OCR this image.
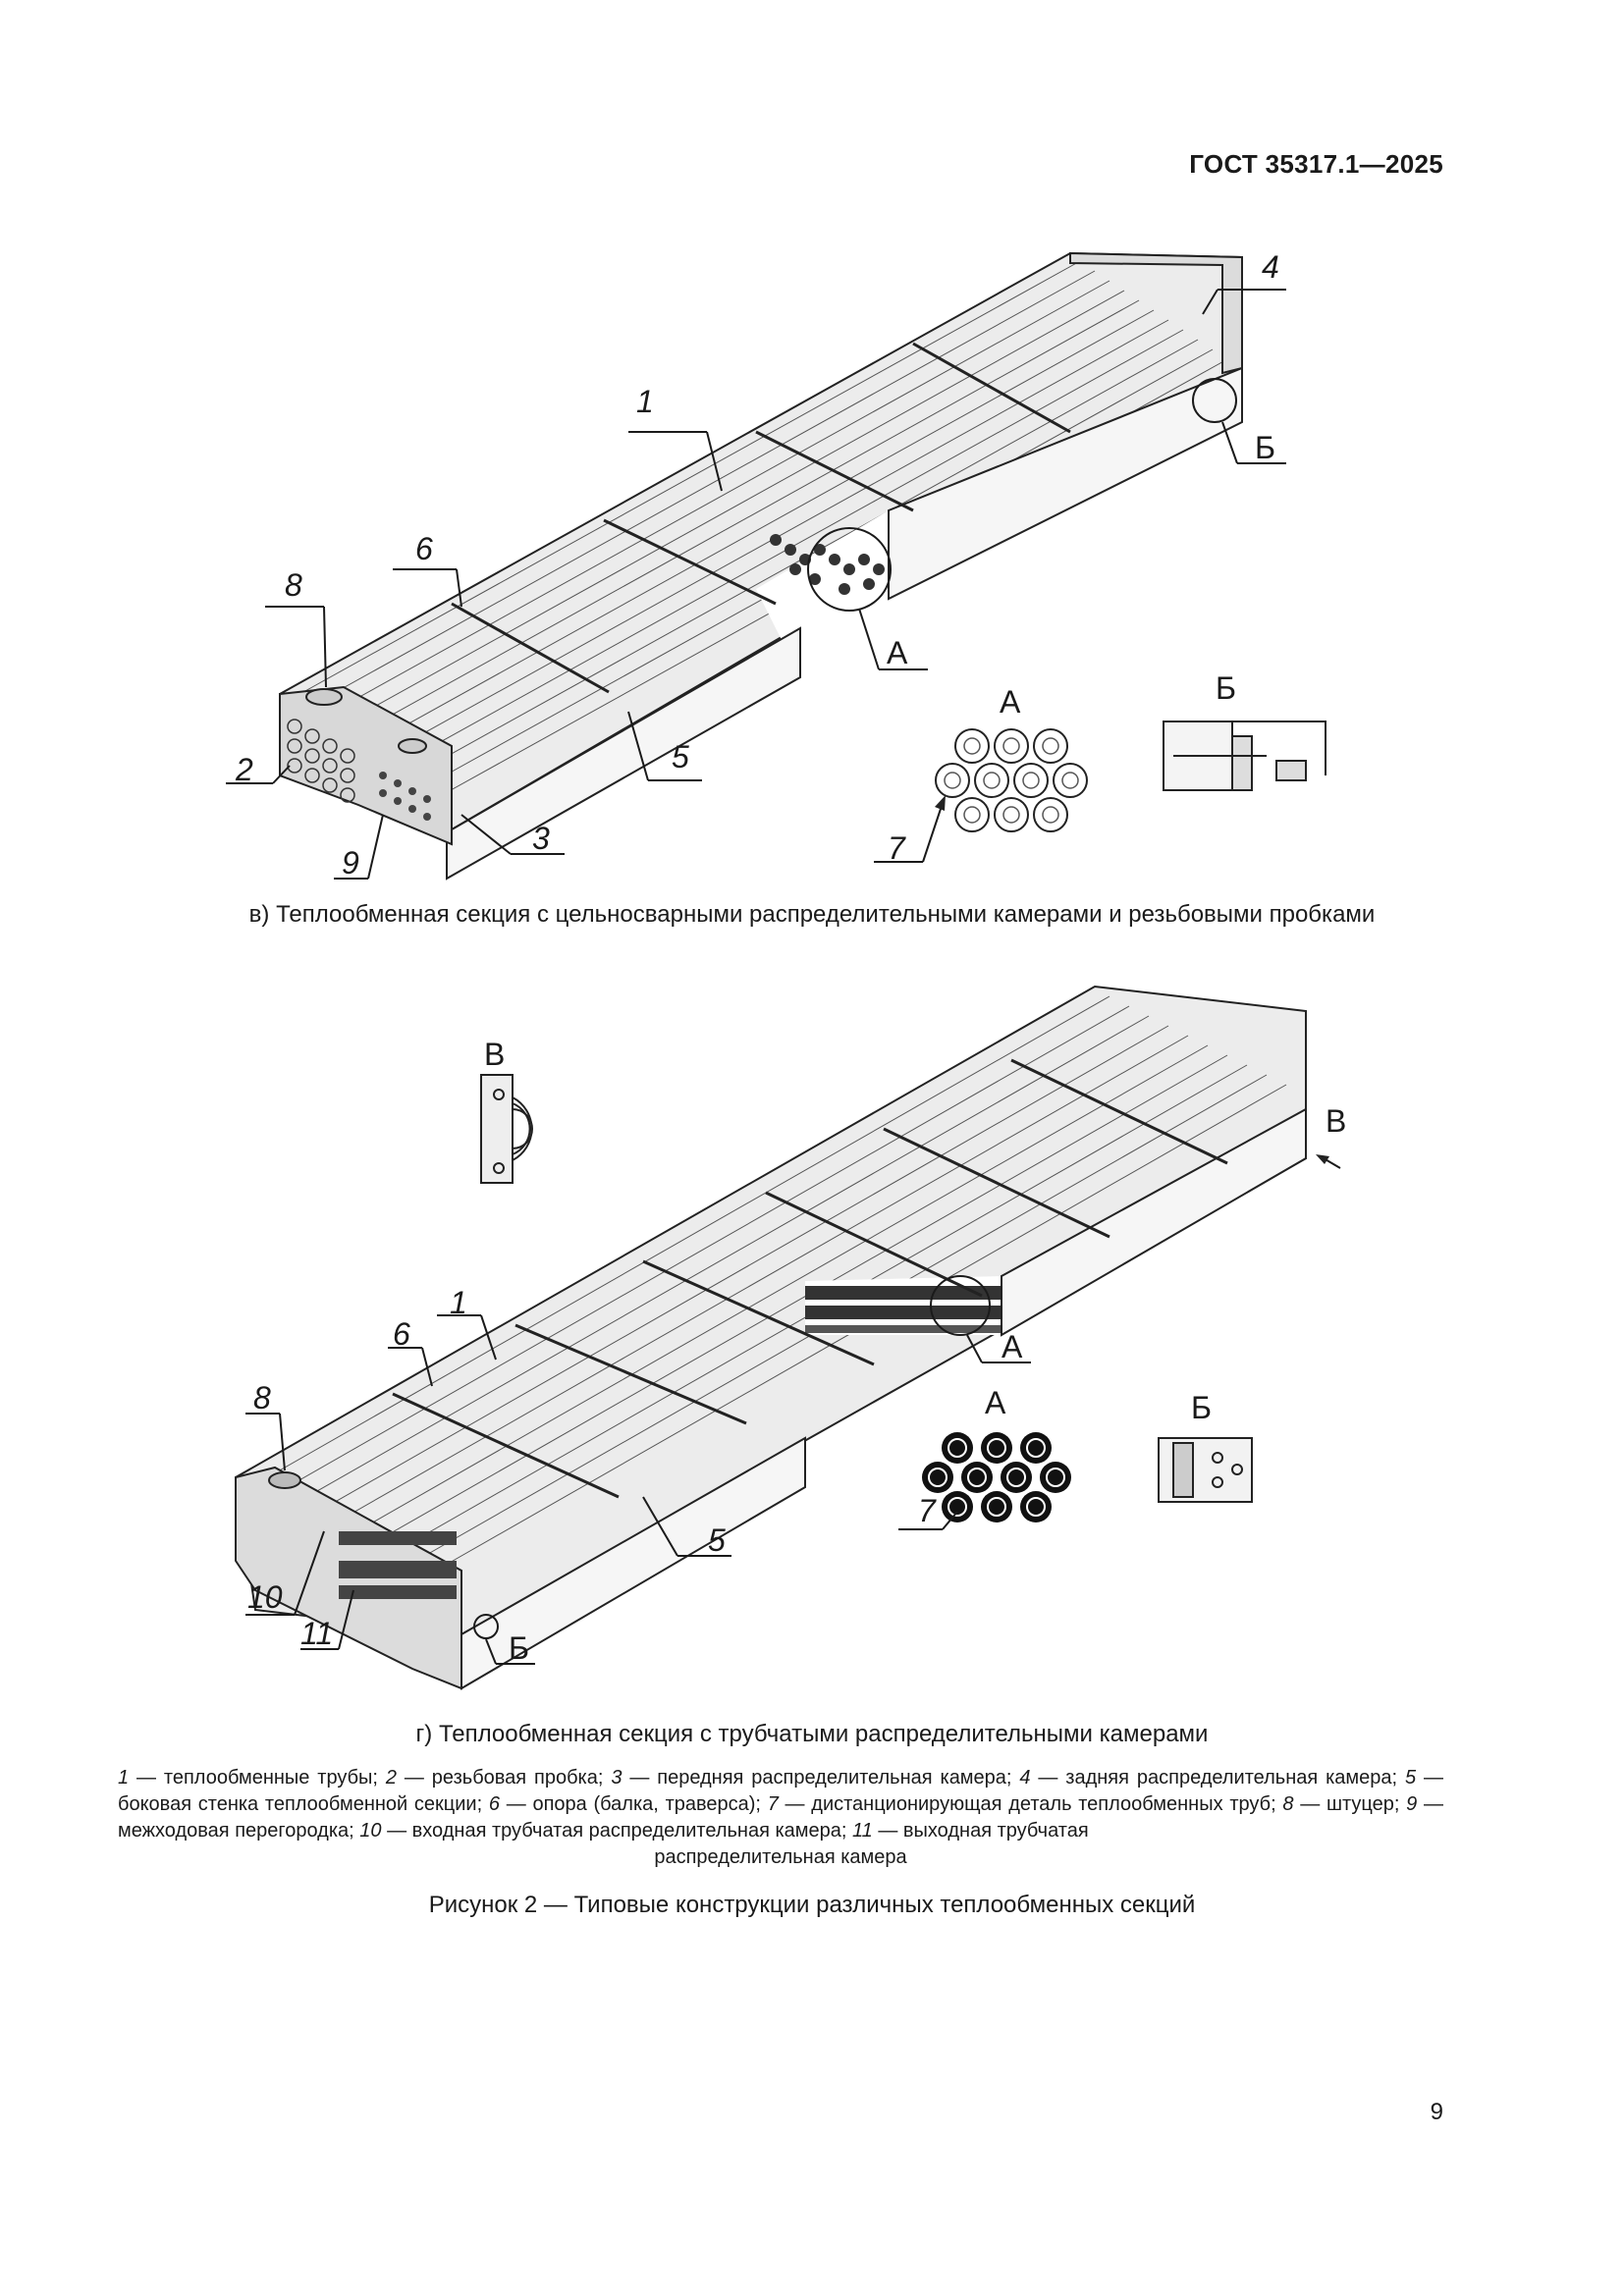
ГОСТ 35317.1—2025
1
2
3
4
5
6
7
8
9
Б
А
А	Б
1
5
6
7
8
10
11	Б
А
В
А	Б
В
в) Теплообменная секция с цельносварными распределительными камерами и резьбовыми пробками
г) Теплообменная секция с трубчатыми распределительными камерами
1 — теплообменные трубы; 2 — резьбовая пробка; 3 — передняя распределительная камера; 4 — задняя распределительная камера; 5 — боковая стенка теплообменной секции; 6 — опора (балка, траверса); 7 — дистанционирующая деталь теплообменных труб; 8 — штуцер; 9 — межходовая перегородка; 10 — входная трубчатая распределительная камера; 11 — выходная трубчатая
распределительная камера
Рисунок 2 — Типовые конструкции различных теплообменных секций
9
